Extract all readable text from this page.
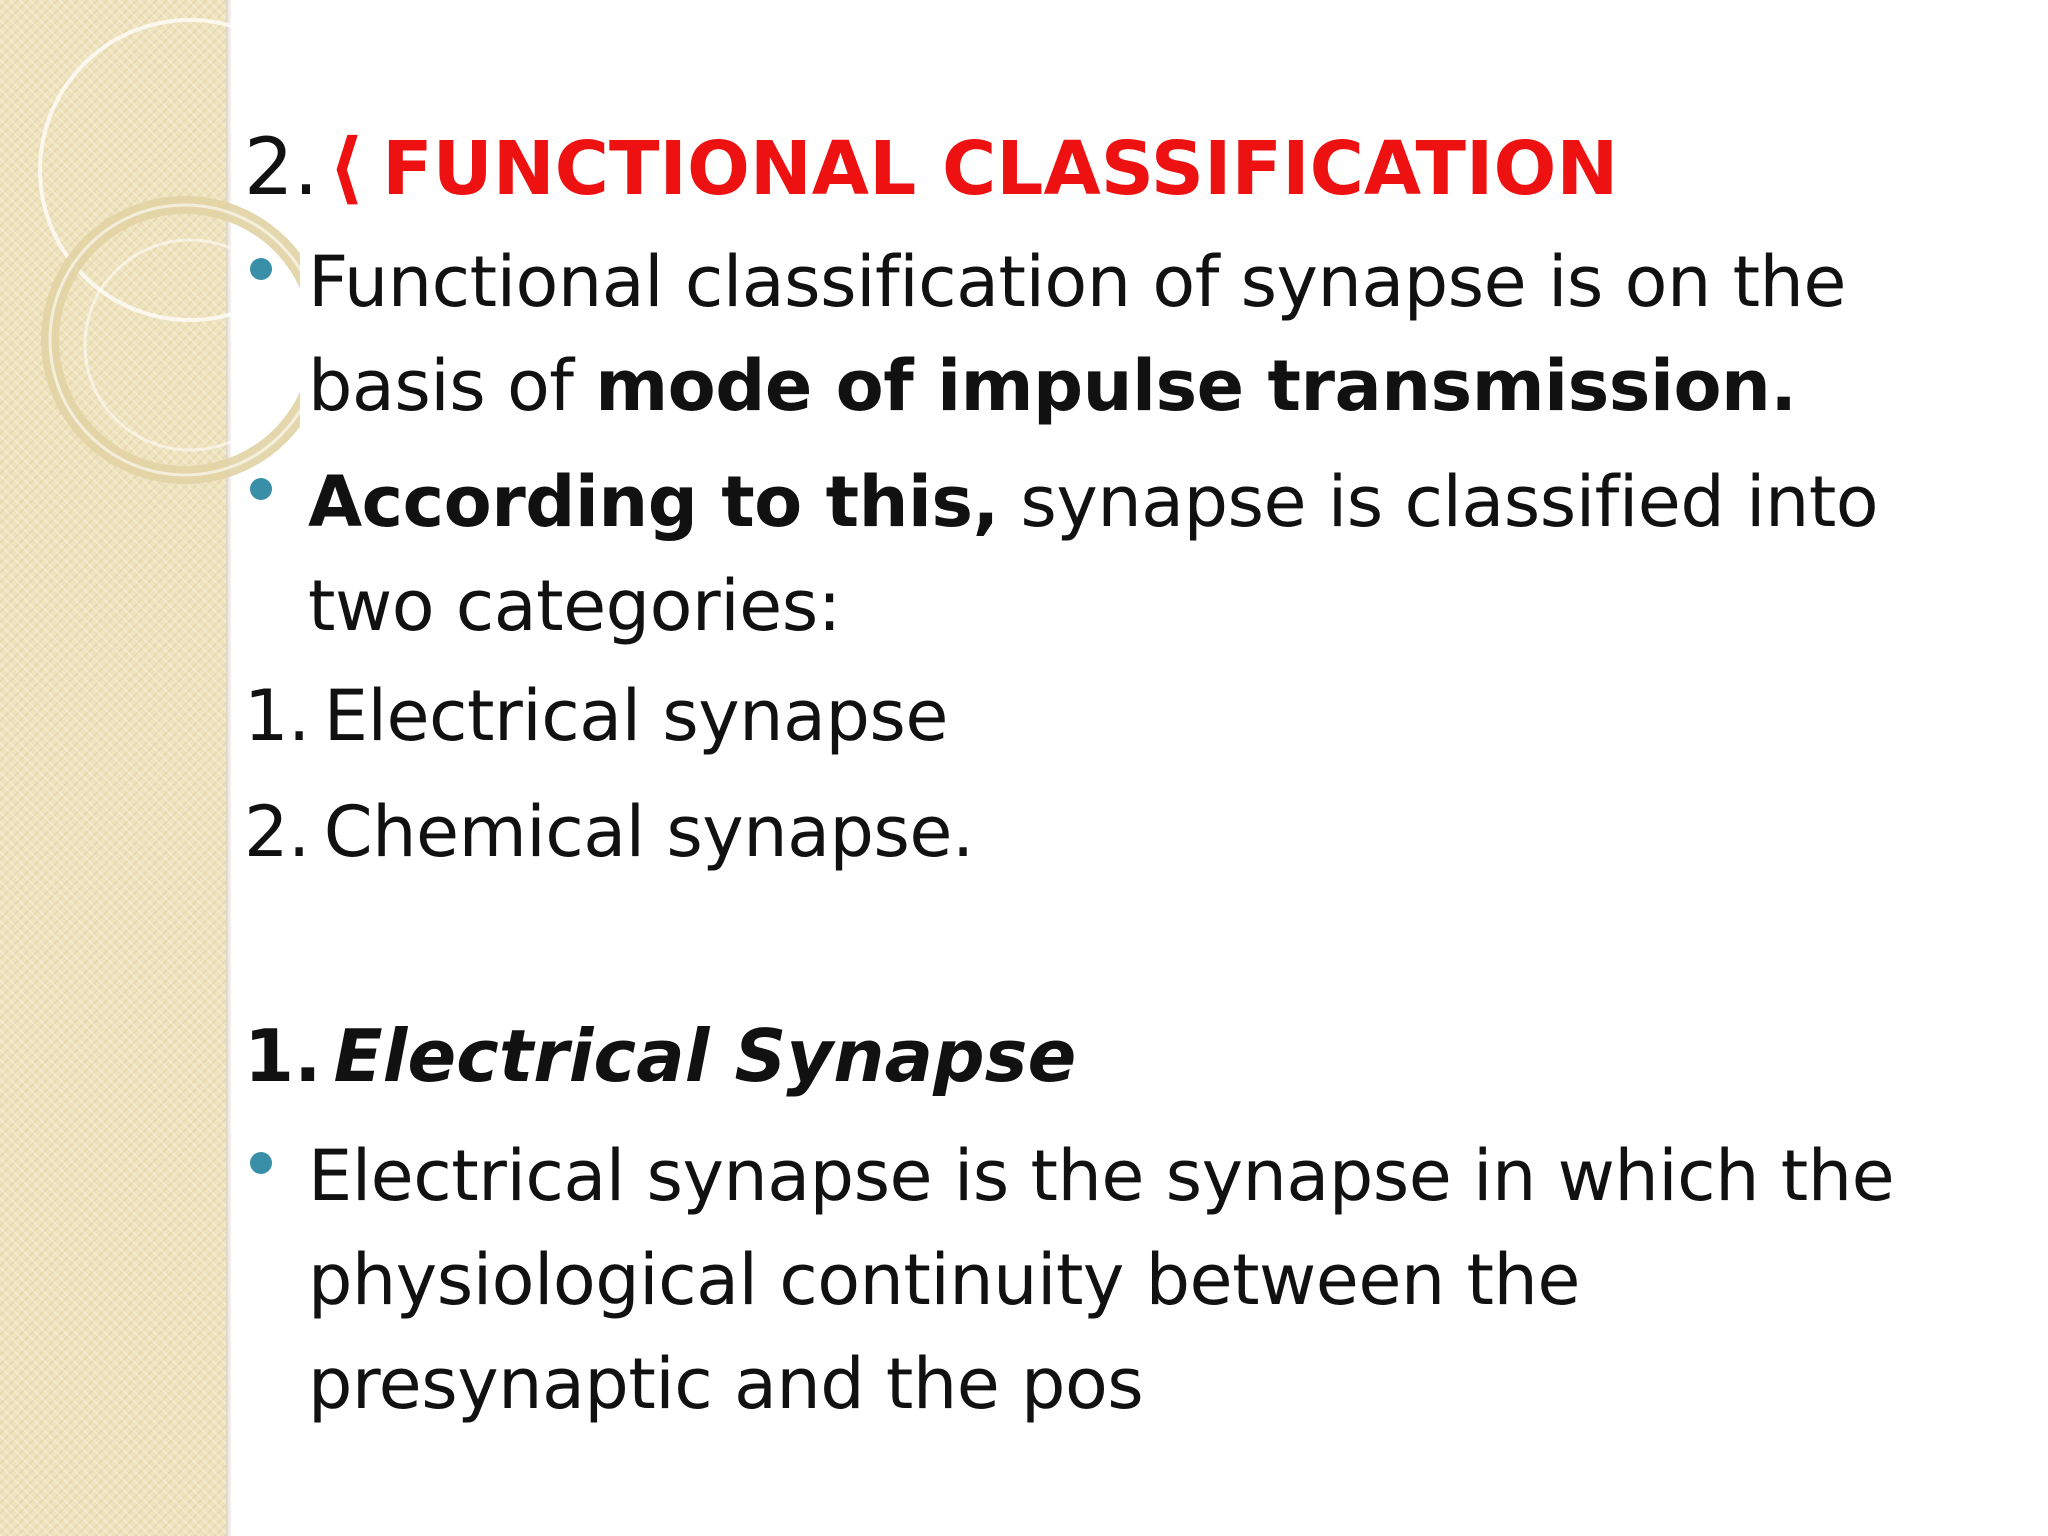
2. ⟨ FUNCTIONAL CLASSIFICATION
Functional classification of synapse is on the basis of mode of impulse transmission.
According to this, synapse is classified into two categories:
1. Electrical synapse
2. Chemical synapse.
1. Electrical Synapse
Electrical synapse is the synapse in which the physiological continuity between the presynaptic and the pos
